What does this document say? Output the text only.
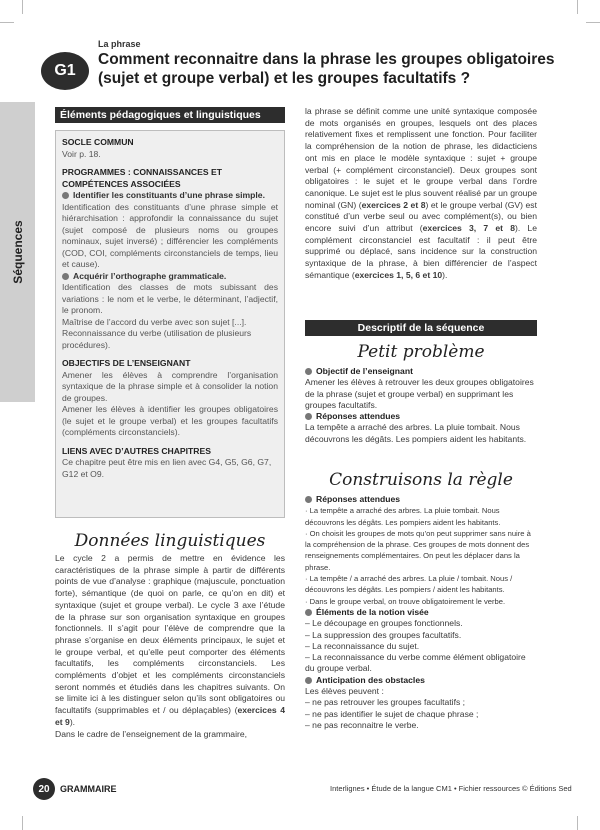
Séquences
G1
La phrase
Comment reconnaitre dans la phrase les groupes obligatoires (sujet et groupe verbal) et les groupes facultatifs ?
Éléments pédagogiques et linguistiques
SOCLE COMMUN
Voir p. 18.
PROGRAMMES : CONNAISSANCES ET COMPÉTENCES ASSOCIÉES
Identifier les constituants d’une phrase simple.
Identification des constituants d’une phrase simple et hiérarchisation : approfondir la connaissance du sujet (sujet composé de plusieurs noms ou groupes nominaux, sujet inversé) ; différencier les compléments (COD, COI, compléments circonstanciels de temps, lieu et cause).
Acquérir l’orthographe grammaticale.
Identification des classes de mots subissant des variations : le nom et le verbe, le déterminant, l’adjectif, le pronom.
Maîtrise de l’accord du verbe avec son sujet [...].
Reconnaissance du verbe (utilisation de plusieurs procédures).
OBJECTIFS DE L’ENSEIGNANT
Amener les élèves à comprendre l’organisation syntaxique de la phrase simple et à consolider la notion de groupes.
Amener les élèves à identifier les groupes obligatoires (le sujet et le groupe verbal) et les groupes facultatifs (compléments circonstanciels).
LIENS AVEC D’AUTRES CHAPITRES
Ce chapitre peut être mis en lien avec G4, G5, G6, G7, G12 et O9.
Données linguistiques

Le cycle 2 a permis de mettre en évidence les caractéristiques de la phrase simple à partir de différents points de vue d’analyse : graphique (majuscule, ponctuation forte), sémantique (de quoi on parle, ce qu’on en dit) et syntaxique (sujet et groupe verbal). Le cycle 3 axe l’étude de la phrase sur son organisation syntaxique en groupes fonctionnels. Il s’agit pour l’élève de comprendre que la phrase s’organise en deux éléments principaux, le sujet et le groupe verbal, et qu’elle peut comporter des éléments facultatifs, les compléments circonstanciels. Les compléments d’objet et les compléments circonstanciels seront nommés et étudiés dans les chapitres suivants. On se limite ici à les distinguer selon qu’ils sont obligatoires ou facultatifs (supprimables et / ou déplaçables) (exercices 4 et 9).

Dans le cadre de l’enseignement de la grammaire,

la phrase se définit comme une unité syntaxique composée de mots organisés en groupes, lesquels ont des places relativement fixes et remplissent une fonction. Pour faciliter la compréhension de la notion de phrase, les didacticiens ont mis en place le modèle syntaxique : sujet + groupe verbal (+ complément circonstanciel). Deux groupes sont obligatoires : le sujet et le groupe verbal dans l’ordre canonique. Le sujet est le plus souvent réalisé par un groupe nominal (GN) (exercices 2 et 8) et le groupe verbal (GV) est constitué d’un verbe seul ou avec complément(s), ou bien encore suivi d’un attribut (exercices 3, 7 et 8). Le complément circonstanciel est facultatif : il peut être supprimé ou déplacé, sans incidence sur la construction syntaxique de la phrase, à bien différencier de l’aspect sémantique (exercices 1, 5, 6 et 10).
Descriptif de la séquence
Petit problème
Objectif de l’enseignant
Amener les élèves à retrouver les deux groupes obligatoires de la phrase (sujet et groupe verbal) en supprimant les groupes facultatifs.
Réponses attendues
La tempête a arraché des arbres. La pluie tombait. Nous découvrons les dégâts. Les pompiers aident les habitants.
Construisons la règle
Réponses attendues
· La tempête a arraché des arbres. La pluie tombait. Nous découvrons les dégâts. Les pompiers aident les habitants.
· On choisit les groupes de mots qu’on peut supprimer sans nuire à la compréhension de la phrase. Ces groupes de mots donnent des renseignements complémentaires. On peut les déplacer dans la phrase.
· La tempête / a arraché des arbres. La pluie / tombait. Nous / découvrons les dégâts. Les pompiers / aident les habitants.
· Dans le groupe verbal, on trouve obligatoirement le verbe.
Éléments de la notion visée
– Le découpage en groupes fonctionnels.
– La suppression des groupes facultatifs.
– La reconnaissance du sujet.
– La reconnaissance du verbe comme élément obligatoire du groupe verbal.
Anticipation des obstacles
Les élèves peuvent :
– ne pas retrouver les groupes facultatifs ;
– ne pas identifier le sujet de chaque phrase ;
– ne pas reconnaitre le verbe.
20	GRAMMAIRE	Interlignes • Étude de la langue CM1 • Fichier ressources © Éditions Sed
